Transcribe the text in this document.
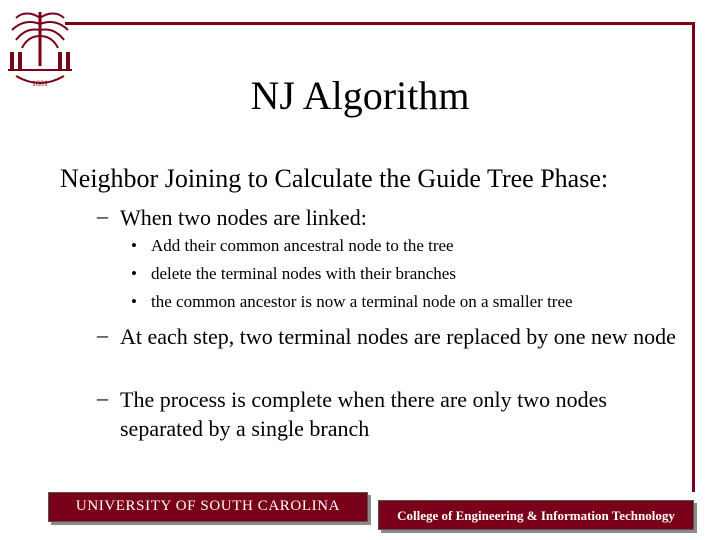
1801	NJ Algorithm
Neighbor Joining to Calculate the Guide Tree Phase:
– When two nodes are linked:
• Add their common ancestral node to the tree
• delete the terminal nodes with their branches
• the common ancestor is now a terminal node on a smaller tree
– At each step, two terminal nodes are replaced by one new node
– The process is complete when there are only two nodes separated by a single branch
UNIVERSITY OF SOUTH CAROLINA
College of Engineering & Information Technology
